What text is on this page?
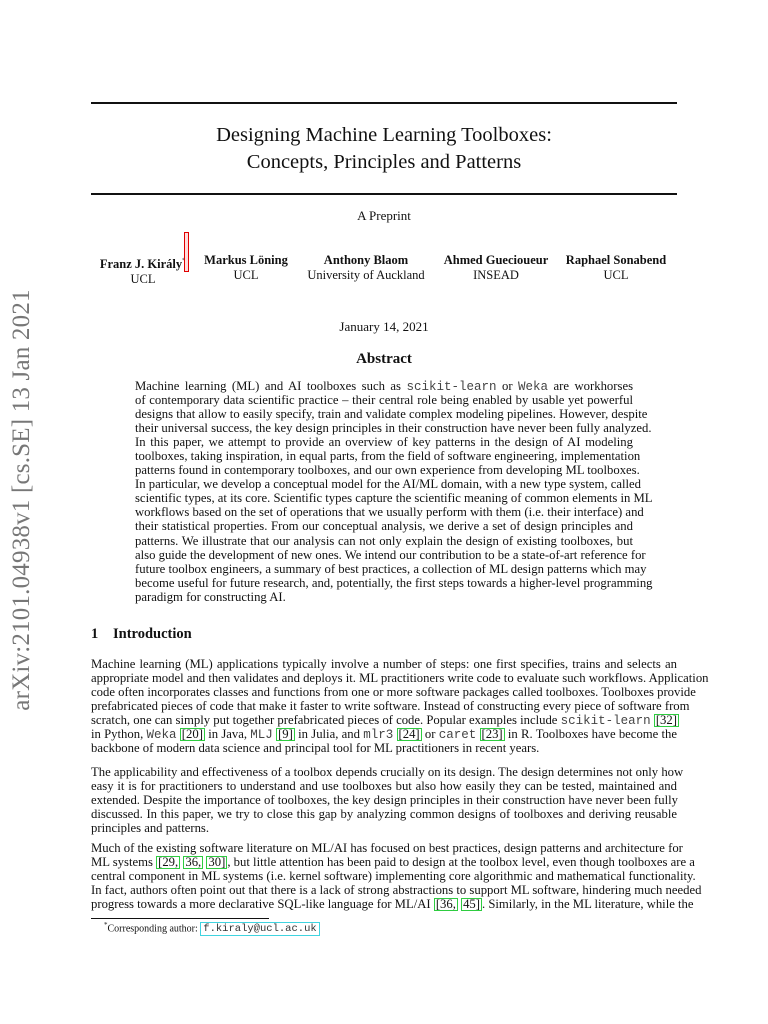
arXiv:2101.04938v1 [cs.SE] 13 Jan 2021
Designing Machine Learning Toolboxes:
Concepts, Principles and Patterns
A Preprint
Franz J. Király
UCL
Markus Löning
UCL
Anthony Blaom
University of Auckland
Ahmed Guecioueur
INSEAD
Raphael Sonabend
UCL
January 14, 2021
Abstract
Machine learning (ML) and AI toolboxes such as scikit-learn or Weka are workhorses
of contemporary data scientific practice – their central role being enabled by usable yet powerful
designs that allow to easily specify, train and validate complex modeling pipelines. However, despite
their universal success, the key design principles in their construction have never been fully analyzed.
In this paper, we attempt to provide an overview of key patterns in the design of AI modeling
toolboxes, taking inspiration, in equal parts, from the field of software engineering, implementation
patterns found in contemporary toolboxes, and our own experience from developing ML toolboxes.
In particular, we develop a conceptual model for the AI/ML domain, with a new type system, called
scientific types, at its core. Scientific types capture the scientific meaning of common elements in ML
workflows based on the set of operations that we usually perform with them (i.e. their interface) and
their statistical properties. From our conceptual analysis, we derive a set of design principles and
patterns. We illustrate that our analysis can not only explain the design of existing toolboxes, but
also guide the development of new ones. We intend our contribution to be a state-of-art reference for
future toolbox engineers, a summary of best practices, a collection of ML design patterns which may
become useful for future research, and, potentially, the first steps towards a higher-level programming
paradigm for constructing AI.
1 Introduction
Machine learning (ML) applications typically involve a number of steps: one first specifies, trains and selects an
appropriate model and then validates and deploys it. ML practitioners write code to evaluate such workflows. Application
code often incorporates classes and functions from one or more software packages called toolboxes. Toolboxes provide
prefabricated pieces of code that make it faster to write software. Instead of constructing every piece of software from
scratch, one can simply put together prefabricated pieces of code. Popular examples include scikit-learn [32]
in Python, Weka [20] in Java, MLJ [9] in Julia, and mlr3 [24] or caret [23] in R. Toolboxes have become the
backbone of modern data science and principal tool for ML practitioners in recent years.
The applicability and effectiveness of a toolbox depends crucially on its design. The design determines not only how
easy it is for practitioners to understand and use toolboxes but also how easily they can be tested, maintained and
extended. Despite the importance of toolboxes, the key design principles in their construction have never been fully
discussed. In this paper, we try to close this gap by analyzing common designs of toolboxes and deriving reusable
principles and patterns.
Much of the existing software literature on ML/AI has focused on best practices, design patterns and architecture for
ML systems [29, 36, 30] , but little attention has been paid to design at the toolbox level, even though toolboxes are a
central component in ML systems (i.e. kernel software) implementing core algorithmic and mathematical functionality.
In fact, authors often point out that there is a lack of strong abstractions to support ML software, hindering much needed
progress towards a more declarative SQL-like language for ML/AI [36, 45] . Similarly, in the ML literature, while the
*Corresponding author: f.kiraly@ucl.ac.uk
